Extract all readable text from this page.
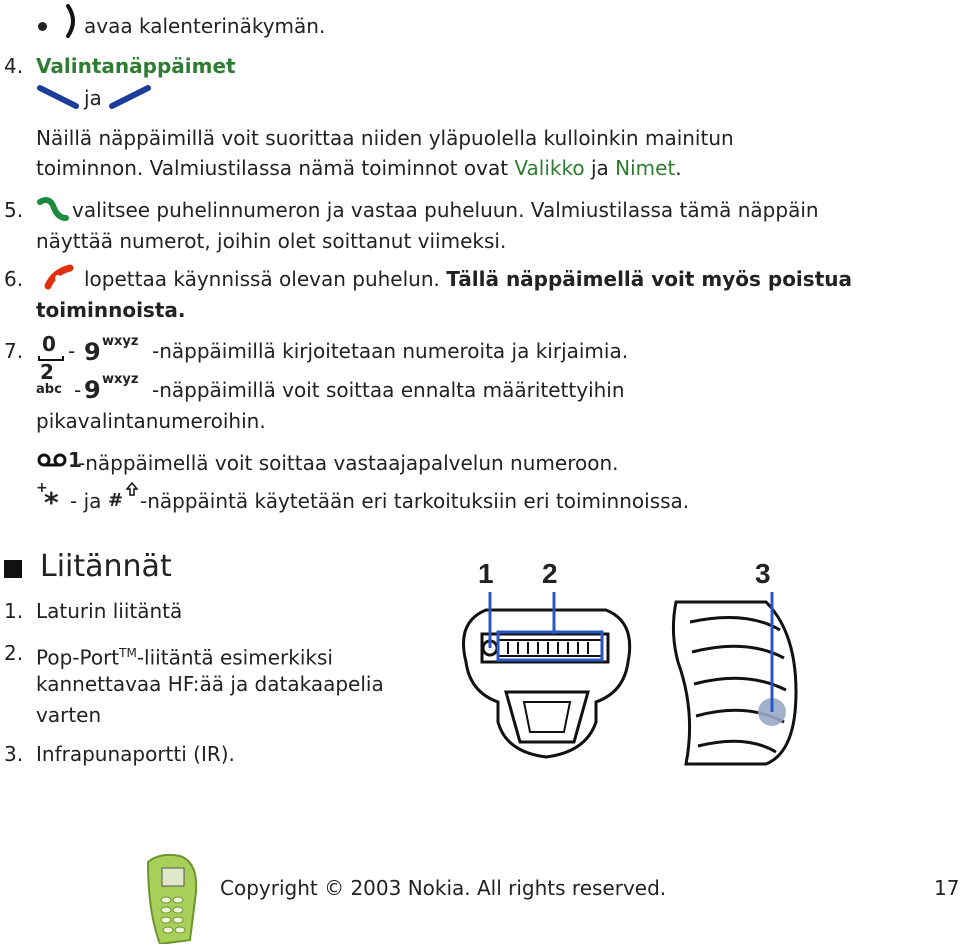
avaa kalenterinäkymän.
4. Valintanäppäimet
ja
Näillä näppäimillä voit suorittaa niiden yläpuolella kulloinkin mainitun
toiminnon. Valmiustilassa nämä toiminnot ovat Valikko ja Nimet.
5. valitsee puhelinnumeron ja vastaa puheluun. Valmiustilassa tämä näppäin
näyttää numerot, joihin olet soittanut viimeksi.
6.	lopettaa käynnissä olevan puhelun. Tällä näppäimellä voit myös poistua
toiminnoista.
7. 0 - 9 wxyz -näppäimillä kirjoitetaan numeroita ja kirjaimia.
2
abc - 9 wxyz -näppäimillä voit soittaa ennalta määritettyihin
pikavalintanumeroihin.
1
-näppäimellä voit soittaa vastaajapalvelun numeroon.
+
* - ja # -näppäintä käytetään eri tarkoituksiin eri toiminnoissa.
Liitännät
1. Laturin liitäntä
2. Pop-Port™-liitäntä esimerkiksi
kannettavaa HF:ää ja datakaapelia
varten
3. Infrapunaportti (IR).
1 2	3
Copyright © 2003 Nokia. All rights reserved.	17
